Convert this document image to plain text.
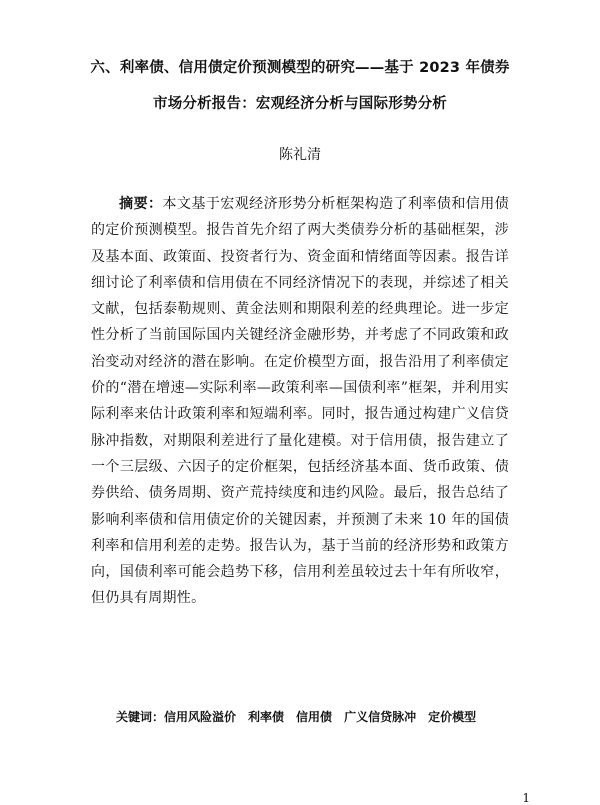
六、利率债、信用债定价预测模型的研究——基于 2023 年债券
市场分析报告：宏观经济分析与国际形势分析
陈礼清
摘要：本文基于宏观经济形势分析框架构造了利率债和信用债的定价预测模型。报告首先介绍了两大类债券分析的基础框架，涉及基本面、政策面、投资者行为、资金面和情绪面等因素。报告详细讨论了利率债和信用债在不同经济情况下的表现，并综述了相关文献，包括泰勒规则、黄金法则和期限利差的经典理论。进一步定性分析了当前国际国内关键经济金融形势，并考虑了不同政策和政治变动对经济的潜在影响。在定价模型方面，报告沿用了利率债定价的“潜在增速—实际利率—政策利率—国债利率”框架，并利用实际利率来估计政策利率和短端利率。同时，报告通过构建广义信贷脉冲指数，对期限利差进行了量化建模。对于信用债，报告建立了一个三层级、六因子的定价框架，包括经济基本面、货币政策、债券供给、债务周期、资产荒持续度和违约风险。最后，报告总结了影响利率债和信用债定价的关键因素，并预测了未来 10 年的国债利率和信用利差的走势。报告认为，基于当前的经济形势和政策方向，国债利率可能会趋势下移，信用利差虽较过去十年有所收窄，但仍具有周期性。
关键词：信用风险溢价 利率债 信用债 广义信贷脉冲 定价模型
1
